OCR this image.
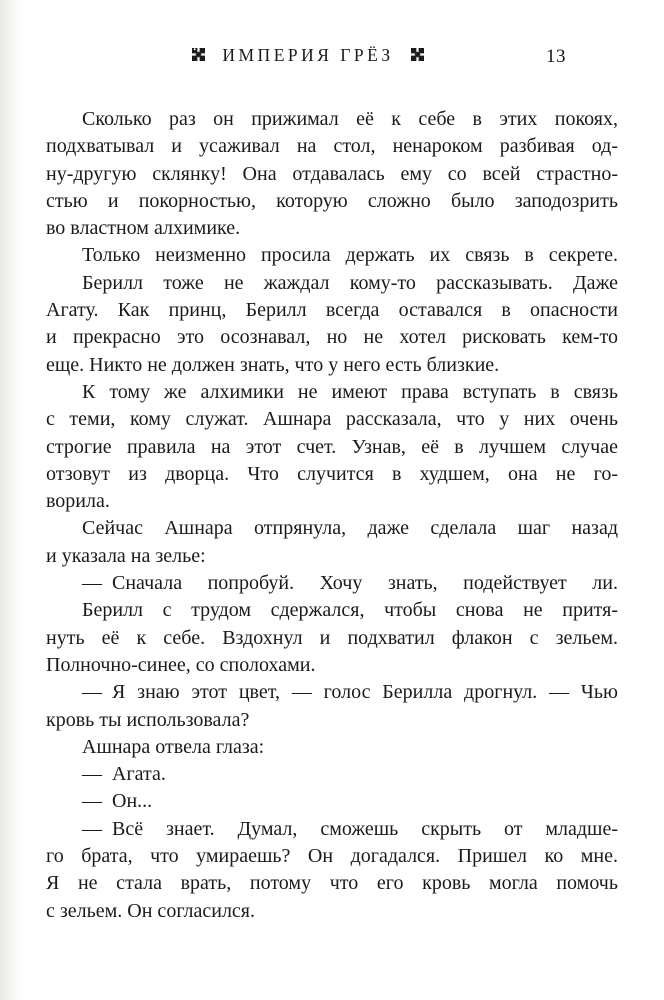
ИМПЕРИЯ ГРЁЗ	13
Сколько раз он прижимал её к себе в этих покоях,
подхватывал и усаживал на стол, ненароком разбивая од-
ну-другую склянку! Она отдавалась ему со всей страстно-
стью и покорностью, которую сложно было заподозрить
во властном алхимике.
Только неизменно просила держать их связь в секрете.
Берилл тоже не жаждал кому-то рассказывать. Даже
Агату. Как принц, Берилл всегда оставался в опасности
и прекрасно это осознавал, но не хотел рисковать кем-то
еще. Никто не должен знать, что у него есть близкие.
К тому же алхимики не имеют права вступать в связь
с теми, кому служат. Ашнара рассказала, что у них очень
строгие правила на этот счет. Узнав, её в лучшем случае
отзовут из дворца. Что случится в худшем, она не го-
ворила.
Сейчас Ашнара отпрянула, даже сделала шаг назад
и указала на зелье:
— Сначала попробуй. Хочу знать, подействует ли.
Берилл с трудом сдержался, чтобы снова не притя-
нуть её к себе. Вздохнул и подхватил флакон с зельем.
Полночно-синее, со сполохами.
— Я знаю этот цвет, — голос Берилла дрогнул. — Чью
кровь ты использовала?
Ашнара отвела глаза:
— Агата.
— Он...
— Всё знает. Думал, сможешь скрыть от младше-
го брата, что умираешь? Он догадался. Пришел ко мне.
Я не стала врать, потому что его кровь могла помочь
с зельем. Он согласился.
